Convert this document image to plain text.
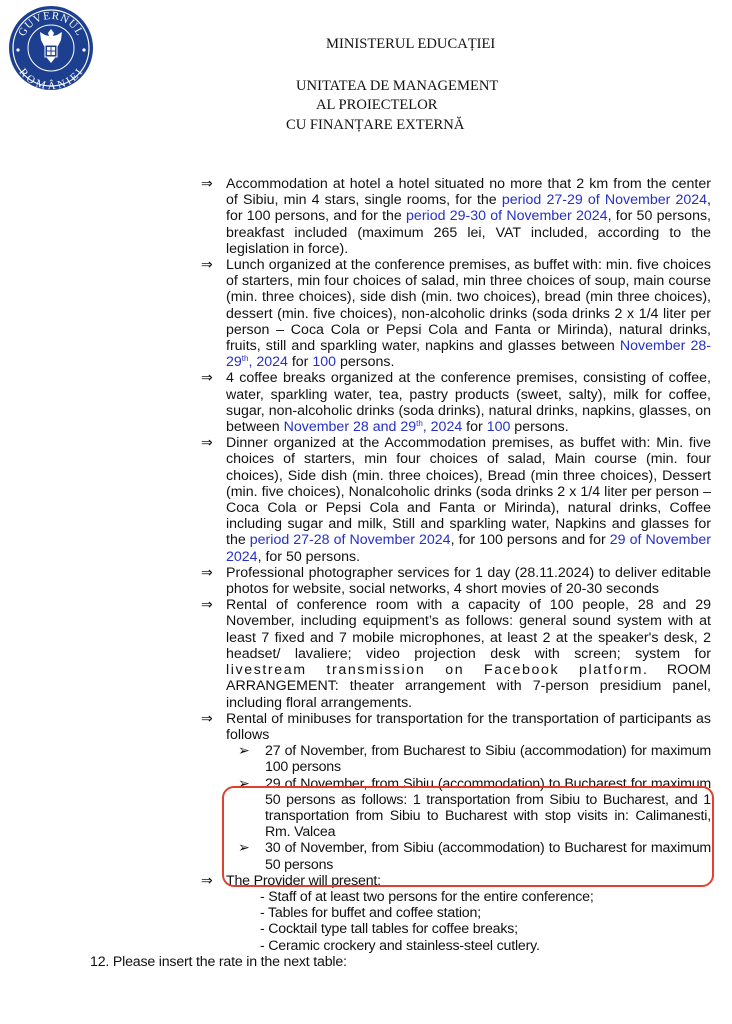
GUVERNUL
ROMÂNIEI
MINISTERUL EDUCAȚIEI
UNITATEA DE MANAGEMENT
AL PROIECTELOR
CU FINANȚARE EXTERNĂ
⇒ Accommodation at hotel a hotel situated no more that 2 km from the center of Sibiu, min 4 stars, single rooms, for the period 27-29 of November 2024, for 100 persons, and for the period 29-30 of November 2024, for 50 persons, breakfast included (maximum 265 lei, VAT included, according to the legislation in force).
⇒ Lunch organized at the conference premises, as buffet with: min. five choices of starters, min four choices of salad, min three choices of soup, main course (min. three choices), side dish (min. two choices), bread (min three choices), dessert (min. five choices), non-alcoholic drinks (soda drinks 2 x 1/4 liter per person – Coca Cola or Pepsi Cola and Fanta or Mirinda), natural drinks, fruits, still and sparkling water, napkins and glasses between November 28-29th, 2024 for 100 persons.
⇒ 4 coffee breaks organized at the conference premises, consisting of coffee, water, sparkling water, tea, pastry products (sweet, salty), milk for coffee, sugar, non-alcoholic drinks (soda drinks), natural drinks, napkins, glasses, on between November 28 and 29th, 2024 for 100 persons.
⇒ Dinner organized at the Accommodation premises, as buffet with: Min. five choices of starters, min four choices of salad, Main course (min. four choices), Side dish (min. three choices), Bread (min three choices), Dessert (min. five choices), Nonalcoholic drinks (soda drinks 2 x 1/4 liter per person – Coca Cola or Pepsi Cola and Fanta or Mirinda), natural drinks, Coffee including sugar and milk, Still and sparkling water, Napkins and glasses for the period 27-28 of November 2024, for 100 persons and for 29 of November 2024, for 50 persons.
⇒ Professional photographer services for 1 day (28.11.2024) to deliver editable photos for website, social networks, 4 short movies of 20-30 seconds
⇒ Rental of conference room with a capacity of 100 people, 28 and 29 November, including equipment’s as follows: general sound system with at least 7 fixed and 7 mobile microphones, at least 2 at the speaker's desk, 2 headset/ lavaliere; video projection desk with screen; system for livestream transmission on Facebook platform. ROOM ARRANGEMENT: theater arrangement with 7-person presidium panel, including floral arrangements.
⇒ Rental of minibuses for transportation for the transportation of participants as follows
➢ 27 of November, from Bucharest to Sibiu (accommodation) for maximum 100 persons
➢ 29 of November, from Sibiu (accommodation) to Bucharest for maximum 50 persons as follows: 1 transportation from Sibiu to Bucharest, and 1 transportation from Sibiu to Bucharest with stop visits in: Calimanesti, Rm. Valcea
➢ 30 of November, from Sibiu (accommodation) to Bucharest for maximum 50 persons
⇒ The Provider will present:
- Staff of at least two persons for the entire conference;
- Tables for buffet and coffee station;
- Cocktail type tall tables for coffee breaks;
- Ceramic crockery and stainless-steel cutlery.
12. Please insert the rate in the next table:
